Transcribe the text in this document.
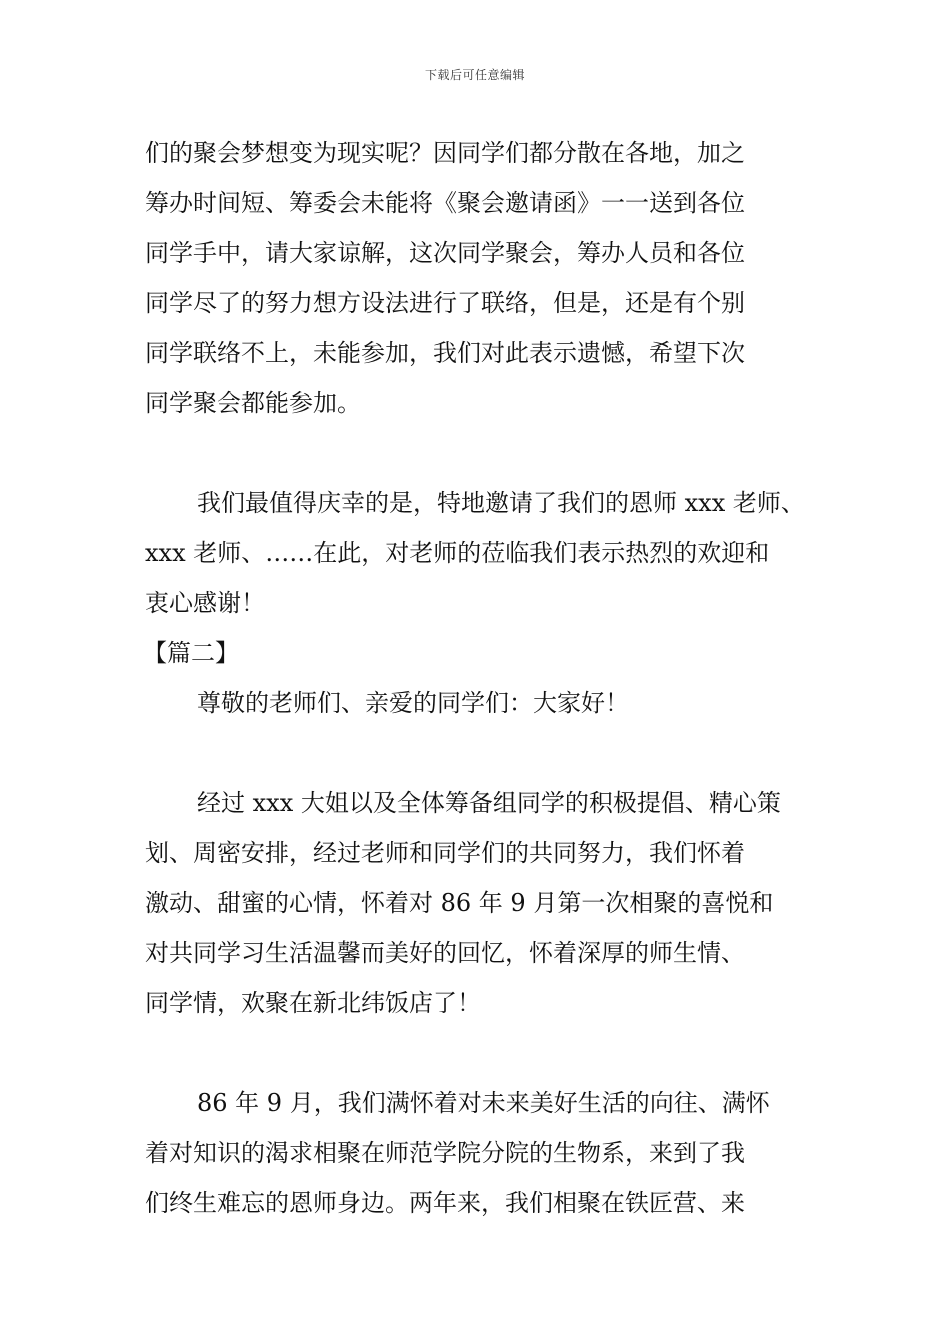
下载后可任意编辑

们的聚会梦想变为现实呢？因同学们都分散在各地，加之
筹办时间短、筹委会未能将《聚会邀请函》一一送到各位
同学手中，请大家谅解，这次同学聚会，筹办人员和各位
同学尽了的努力想方设法进行了联络，但是，还是有个别
同学联络不上，未能参加，我们对此表示遗憾，希望下次
同学聚会都能参加。

我们最值得庆幸的是，特地邀请了我们的恩师 xxx 老师、
xxx 老师、……在此，对老师的莅临我们表示热烈的欢迎和
衷心感谢！

【篇二】

尊敬的老师们、亲爱的同学们：大家好！

经过 xxx 大姐以及全体筹备组同学的积极提倡、精心策
划、周密安排，经过老师和同学们的共同努力，我们怀着
激动、甜蜜的心情，怀着对 86 年 9 月第一次相聚的喜悦和
对共同学习生活温馨而美好的回忆，怀着深厚的师生情、
同学情，欢聚在新北纬饭店了！

86 年 9 月，我们满怀着对未来美好生活的向往、满怀
着对知识的渴求相聚在师范学院分院的生物系，来到了我
们终生难忘的恩师身边。两年来，我们相聚在铁匠营、来
